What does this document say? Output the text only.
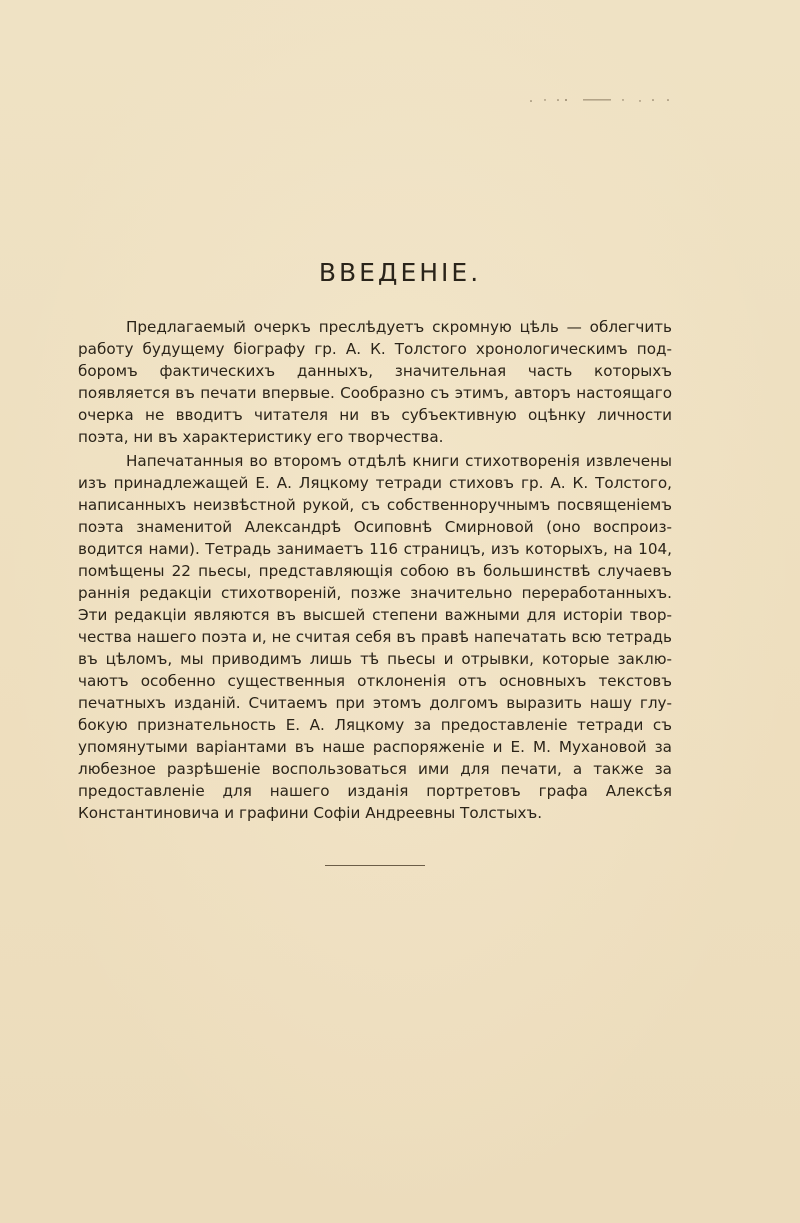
ВВЕДЕНІЕ.

Предлагаемый очеркъ преслѣдуетъ скромную цѣль — облегчить работу будущему біографу гр. А. К. Толстого хронологическимъ подборомъ фактическихъ данныхъ, значительная часть которыхъ появляется въ печати впервые. Сообразно съ этимъ, авторъ настоящаго очерка не вводитъ читателя ни въ субъективную оцѣнку личности поэта, ни въ характеристику его творчества.

Напечатанныя во второмъ отдѣлѣ книги стихотворенія извлечены изъ принадлежащей Е. А. Ляцкому тетради стиховъ гр. А. К. Толстого, написанныхъ неизвѣстной рукой, съ собственноручнымъ посвященіемъ поэта знаменитой Александрѣ Осиповнѣ Смирновой (оно воспроизводится нами). Тетрадь занимаетъ 116 страницъ, изъ которыхъ, на 104, помѣщены 22 пьесы, представляющія собою въ большинствѣ случаевъ раннія редакціи стихотвореній, позже значительно переработанныхъ. Эти редакціи являются въ высшей степени важными для исторіи творчества нашего поэта и, не считая себя въ правѣ напечатать всю тетрадь въ цѣломъ, мы приводимъ лишь тѣ пьесы и отрывки, которые заключаютъ особенно существенныя отклоненія отъ основныхъ текстовъ печатныхъ изданій. Считаемъ при этомъ долгомъ выразить нашу глубокую признательность Е. А. Ляцкому за предоставленіе тетради съ упомянутыми варіантами въ наше распоряженіе и Е. М. Мухановой за любезное разрѣшеніе воспользоваться ими для печати, а также за предоставленіе для нашего изданія портретовъ графа Алексѣя Константиновича и графини Софіи Андреевны Толстыхъ.
